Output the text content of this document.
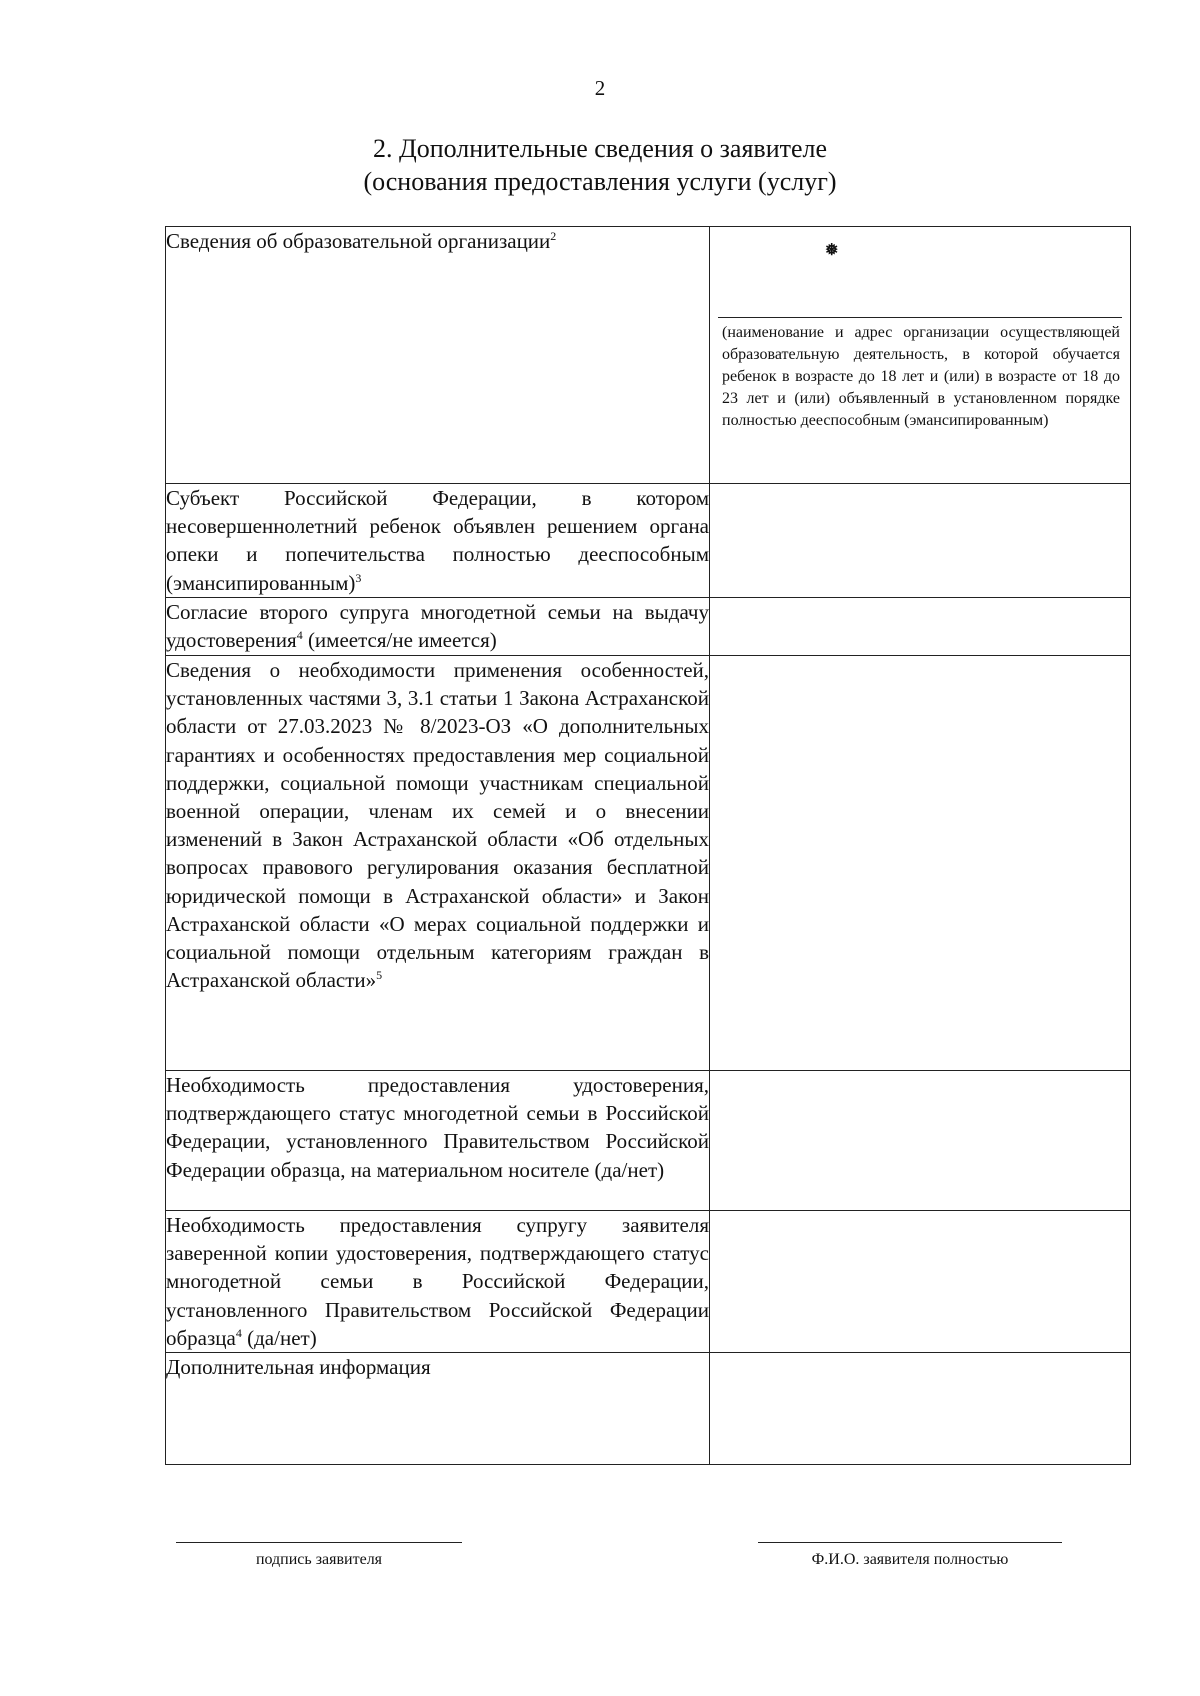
2
2. Дополнительные сведения о заявителе
(основания предоставления услуги (услуг)
Сведения об образовательной организации$^2$	❅
(наименование и адрес организации осуществляющей образовательную деятельность, в которой обучается ребенок в возрасте до 18 лет и (или) в возрасте от 18 до 23 лет и (или) объявленный в установленном порядке полностью дееспособным (эмансипированным)

Субъект Российской Федерации, в котором несовершеннолетний ребенок объявлен решением органа опеки и попечительства полностью дееспособным (эмансипированным)$^3$	
Согласие второго супруга многодетной семьи на выдачу удостоверения$^4$ (имеется/не имеется)	
Сведения о необходимости применения особенностей, установленных частями 3, 3.1 статьи 1 Закона Астраханской области от 27.03.2023 № 8/2023-ОЗ «О дополнительных гарантиях и особенностях предоставления мер социальной поддержки, социальной помощи участникам специальной военной операции, членам их семей и о внесении изменений в Закон Астраханской области «Об отдельных вопросах правового регулирования оказания бесплатной юридической помощи в Астраханской области» и Закон Астраханской области «О мерах социальной поддержки и социальной помощи отдельным категориям граждан в Астраханской области»$^5$	
Необходимость предоставления удостоверения, подтверждающего статус многодетной семьи в Российской Федерации, установленного Правительством Российской Федерации образца, на материальном носителе (да/нет)	
Необходимость предоставления супругу заявителя заверенной копии удостоверения, подтверждающего статус многодетной семьи в Российской Федерации, установленного Правительством Российской Федерации образца$^4$ (да/нет)	
Дополнительная информация	
подпись заявителя	Ф.И.О. заявителя полностью
